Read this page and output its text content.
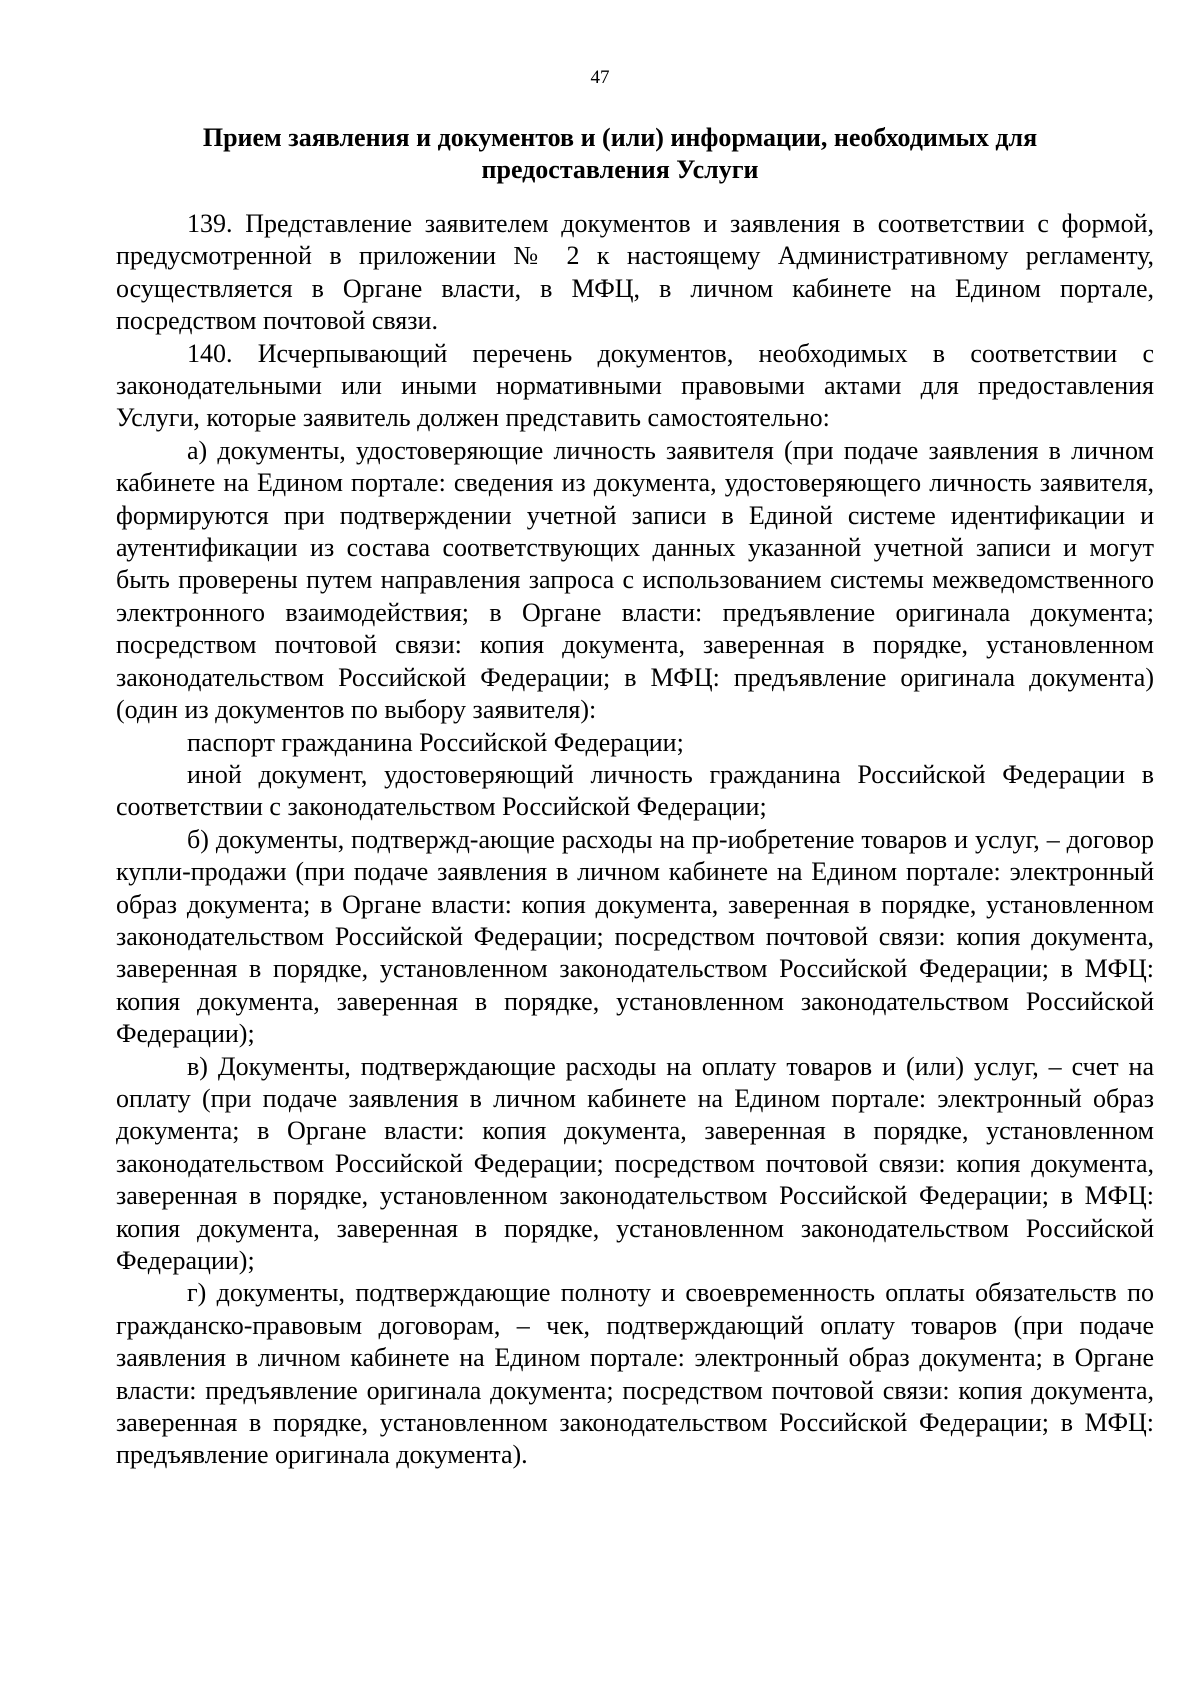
47
Прием заявления и документов и (или) информации, необходимых для предоставления Услуги

139. Представление заявителем документов и заявления в соответствии с формой, предусмотренной в приложении № 2 к настоящему Административному регламенту, осуществляется в Органе власти, в МФЦ, в личном кабинете на Едином портале, посредством почтовой связи.

140. Исчерпывающий перечень документов, необходимых в соответствии с законодательными или иными нормативными правовыми актами для предоставления Услуги, которые заявитель должен представить самостоятельно:

а) документы, удостоверяющие личность заявителя (при подаче заявления в личном кабинете на Едином портале: сведения из документа, удостоверяющего личность заявителя, формируются при подтверждении учетной записи в Единой системе идентификации и аутентификации из состава соответствующих данных указанной учетной записи и могут быть проверены путем направления запроса с использованием системы межведомственного электронного взаимодействия; в Органе власти: предъявление оригинала документа; посредством почтовой связи: копия документа, заверенная в порядке, установленном законодательством Российской Федерации; в МФЦ: предъявление оригинала документа) (один из документов по выбору заявителя):

паспорт гражданина Российской Федерации;

иной документ, удостоверяющий личность гражданина Российской Федерации в соответствии с законодательством Российской Федерации;

б) документы, подтвержд-ающие расходы на пр-иобретение товаров и услуг, – договор купли-продажи (при подаче заявления в личном кабинете на Едином портале: электронный образ документа; в Органе власти: копия документа, заверенная в порядке, установленном законодательством Российской Федерации; посредством почтовой связи: копия документа, заверенная в порядке, установленном законодательством Российской Федерации; в МФЦ: копия документа, заверенная в порядке, установленном законодательством Российской Федерации);

в) Документы, подтверждающие расходы на оплату товаров и (или) услуг, – счет на оплату (при подаче заявления в личном кабинете на Едином портале: электронный образ документа; в Органе власти: копия документа, заверенная в порядке, установленном законодательством Российской Федерации; посредством почтовой связи: копия документа, заверенная в порядке, установленном законодательством Российской Федерации; в МФЦ: копия документа, заверенная в порядке, установленном законодательством Российской Федерации);

г) документы, подтверждающие полноту и своевременность оплаты обязательств по гражданско-правовым договорам, – чек, подтверждающий оплату товаров (при подаче заявления в личном кабинете на Едином портале: электронный образ документа; в Органе власти: предъявление оригинала документа; посредством почтовой связи: копия документа, заверенная в порядке, установленном законодательством Российской Федерации; в МФЦ: предъявление оригинала документа).
